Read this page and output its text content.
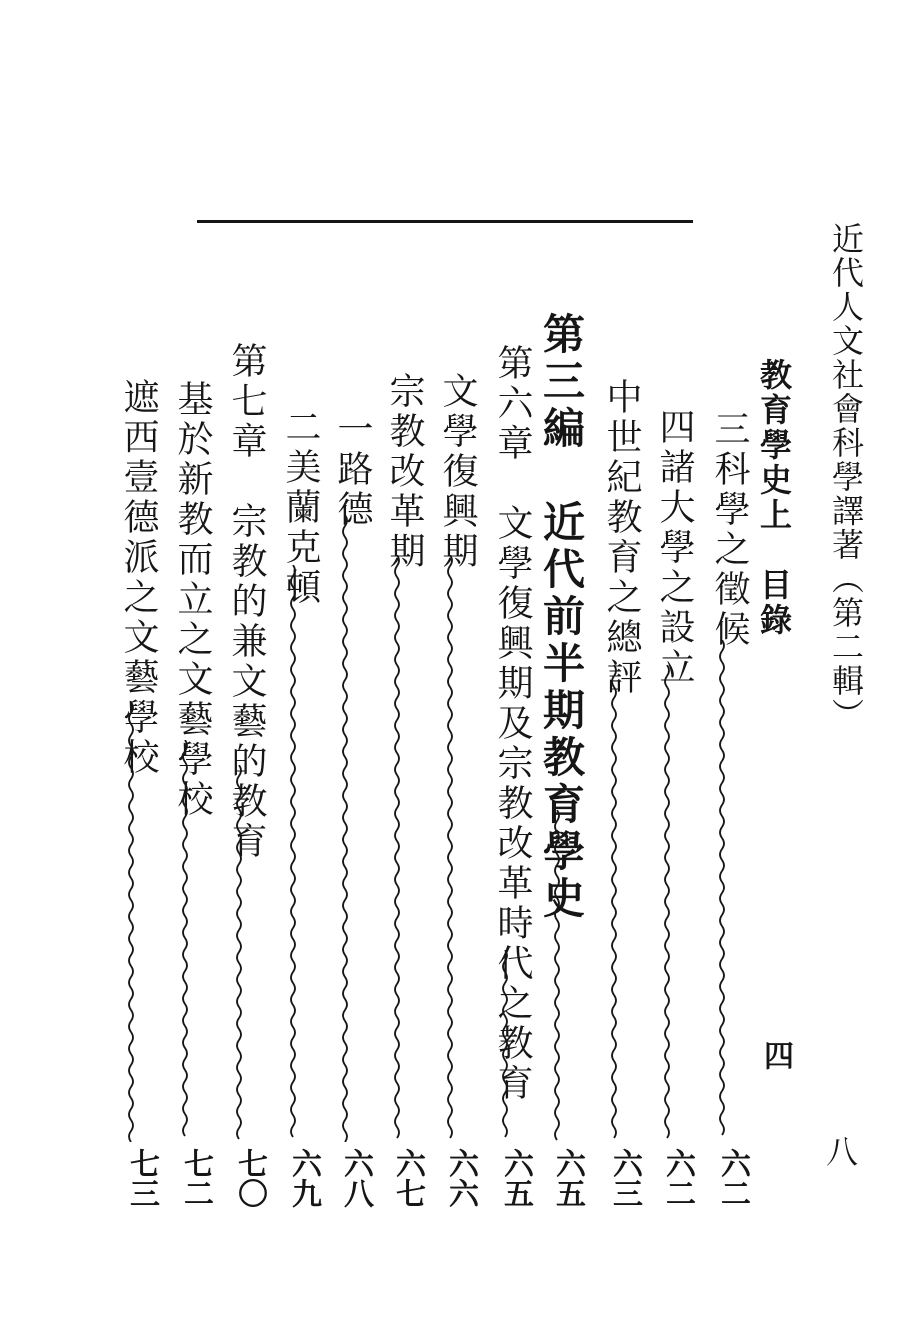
近代人文社會科學譯著（第二輯）
八
教育學史上　目錄
四
三科學之徵候
六二
四諸大學之設立
六二
中世紀教育之總評
六三
第三編　近代前半期教育學史
六五
第六章　文學復興期及宗教改革時代之教育
六五
文學復興期
六六
宗教改革期
六七
一路德
六八
二美蘭克頓
六九
第七章　宗教的兼文藝的教育
七〇
基於新教而立之文藝學校
七二
遮西壹德派之文藝學校
七三
